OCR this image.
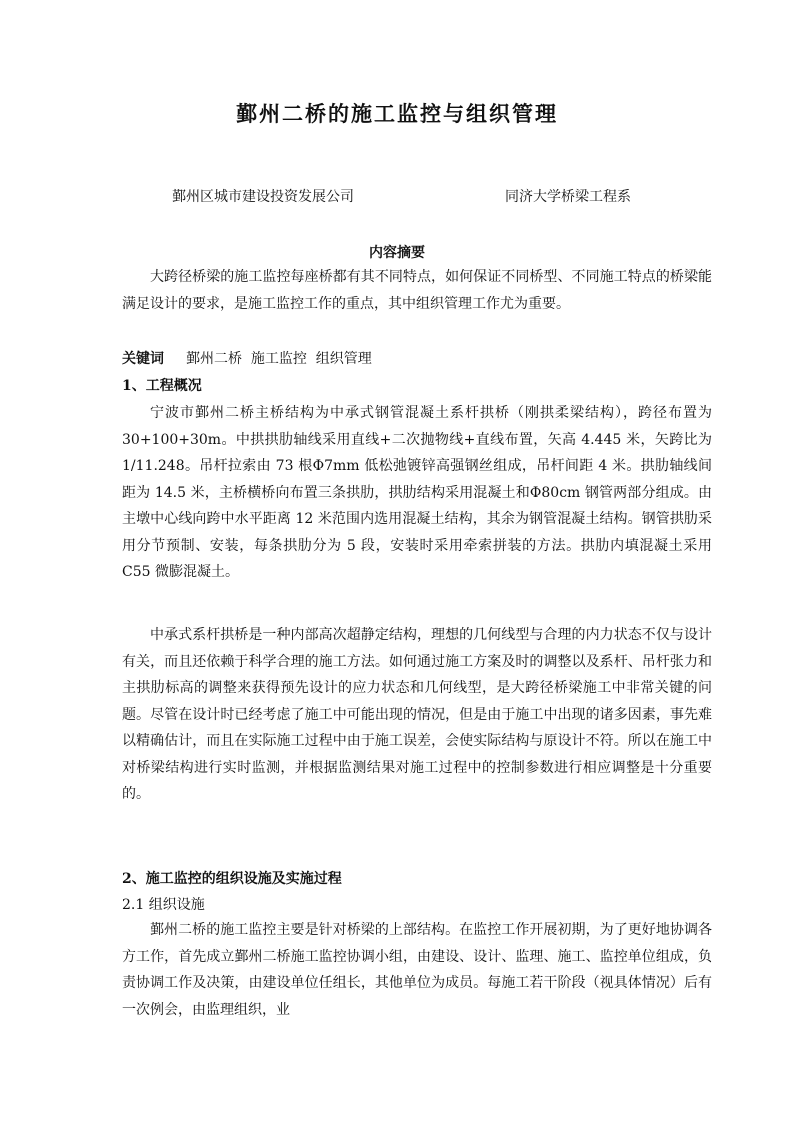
鄞州二桥的施工监控与组织管理
鄞州区城市建设投资发展公司	同济大学桥梁工程系
内容摘要

大跨径桥梁的施工监控每座桥都有其不同特点，如何保证不同桥型、不同施工特点的桥梁能满足设计的要求，是施工监控工作的重点，其中组织管理工作尤为重要。

关键词 鄞州二桥  施工监控  组织管理

1、工程概况

宁波市鄞州二桥主桥结构为中承式钢管混凝土系杆拱桥（刚拱柔梁结构），跨径布置为 30+100+30m。中拱拱肋轴线采用直线+二次抛物线+直线布置，矢高 4.445 米，矢跨比为 1/11.248。吊杆拉索由 73 根Φ7mm 低松弛镀锌高强钢丝组成，吊杆间距 4 米。拱肋轴线间距为 14.5 米，主桥横桥向布置三条拱肋，拱肋结构采用混凝土和Φ80cm 钢管两部分组成。由主墩中心线向跨中水平距离 12 米范围内选用混凝土结构，其余为钢管混凝土结构。钢管拱肋采用分节预制、安装，每条拱肋分为 5 段，安装时采用牵索拼装的方法。拱肋内填混凝土采用 C55 微膨混凝土。

中承式系杆拱桥是一种内部高次超静定结构，理想的几何线型与合理的内力状态不仅与设计有关，而且还依赖于科学合理的施工方法。如何通过施工方案及时的调整以及系杆、吊杆张力和主拱肋标高的调整来获得预先设计的应力状态和几何线型，是大跨径桥梁施工中非常关键的问题。尽管在设计时已经考虑了施工中可能出现的情况，但是由于施工中出现的诸多因素，事先难以精确估计，而且在实际施工过程中由于施工误差，会使实际结构与原设计不符。所以在施工中对桥梁结构进行实时监测，并根据监测结果对施工过程中的控制参数进行相应调整是十分重要的。

2、施工监控的组织设施及实施过程

2.1 组织设施

鄞州二桥的施工监控主要是针对桥梁的上部结构。在监控工作开展初期，为了更好地协调各方工作，首先成立鄞州二桥施工监控协调小组，由建设、设计、监理、施工、监控单位组成，负责协调工作及决策，由建设单位任组长，其他单位为成员。每施工若干阶段（视具体情况）后有一次例会，由监理组织，业
